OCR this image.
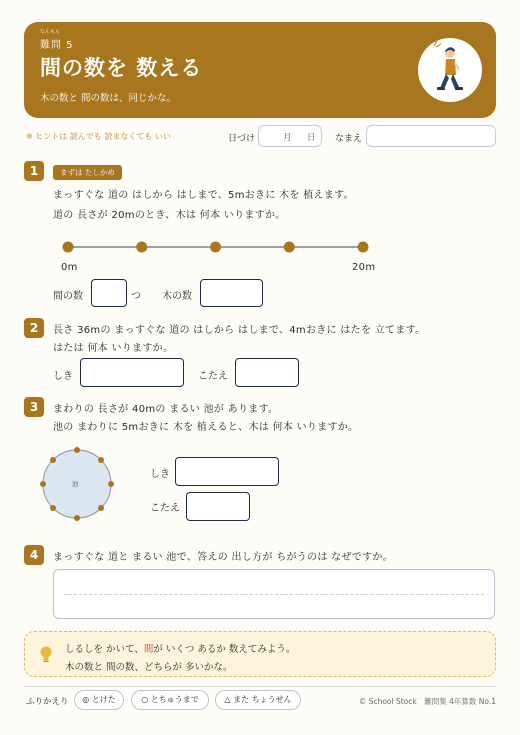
なんもん
難問 5
間の数を 数える
木の数と 間の数は、同じかな。
※ ヒントは 読んでも 読まなくても いい	日づけ	月 日 なまえ
1	まずは たしかめ
まっすぐな 道の はしから はしまで、5mおきに 木を 植えます。
道の 長さが 20mのとき、木は 何本 いりますか。
0m	20m
間の数	つ 木の数
2	長さ 36mの まっすぐな 道の はしから はしまで、4mおきに はたを 立てます。
はたは 何本 いりますか。
しき	こたえ
3	まわりの 長さが 40mの まるい 池が あります。
池の まわりに 5mおきに 木を 植えると、木は 何本 いりますか。
池
しき
こたえ
4	まっすぐな 道と まるい 池で、答えの 出し方が ちがうのは なぜですか。
しるしを かいて、間が いくつ あるか 数えてみよう。
木の数と 間の数、どちらが 多いかな。
ふりかえり	◎ とけた	○ とちゅうまで	△ また ちょうせん	© School Stock　難問集 4年算数 No.1
